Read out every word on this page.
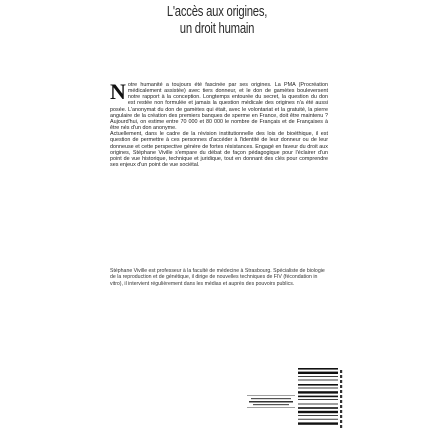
L'accès aux origines,
un droit humain
N otre humanité a toujours été fascinée par ses origines. La PMA (Procréation médicalement assistée) avec tiers donneur, et le don de gamètes bouleversent notre rapport à la conception. Longtemps entourée du secret, la question du don est restée non formulée et jamais la question médicale des origines n'a été aussi posée. L'anonymat du don de gamètes qui était, avec le volontariat et la gratuité, la pierre angulaire de la création des premiers banques de sperme en France, doit être maintenu ? Aujourd'hui, on estime entre 70 000 et 80 000 le nombre de Français et de Françaises à être nés d'un don anonyme.

Actuellement, dans le cadre de la révision institutionnelle des lois de bioéthique, il est question de permettre à ces personnes d'accéder à l'identité de leur donneur ou de leur donneuse et cette perspective génère de fortes résistances. Engagé en faveur du droit aux origines, Stéphane Viville s'empare du débat de façon pédagogique pour l'éclairer d'un point de vue historique, technique et juridique, tout en donnant des clés pour comprendre ses enjeux d'un point de vue sociétal.

Stéphane Viville est professeur à la faculté de médecine à Strasbourg. Spécialiste de biologie de la reproduction et de génétique, il dirige de nouvelles techniques de FIV (fécondation in vitro), il intervient régulièrement dans les médias et auprès des pouvoirs publics.
